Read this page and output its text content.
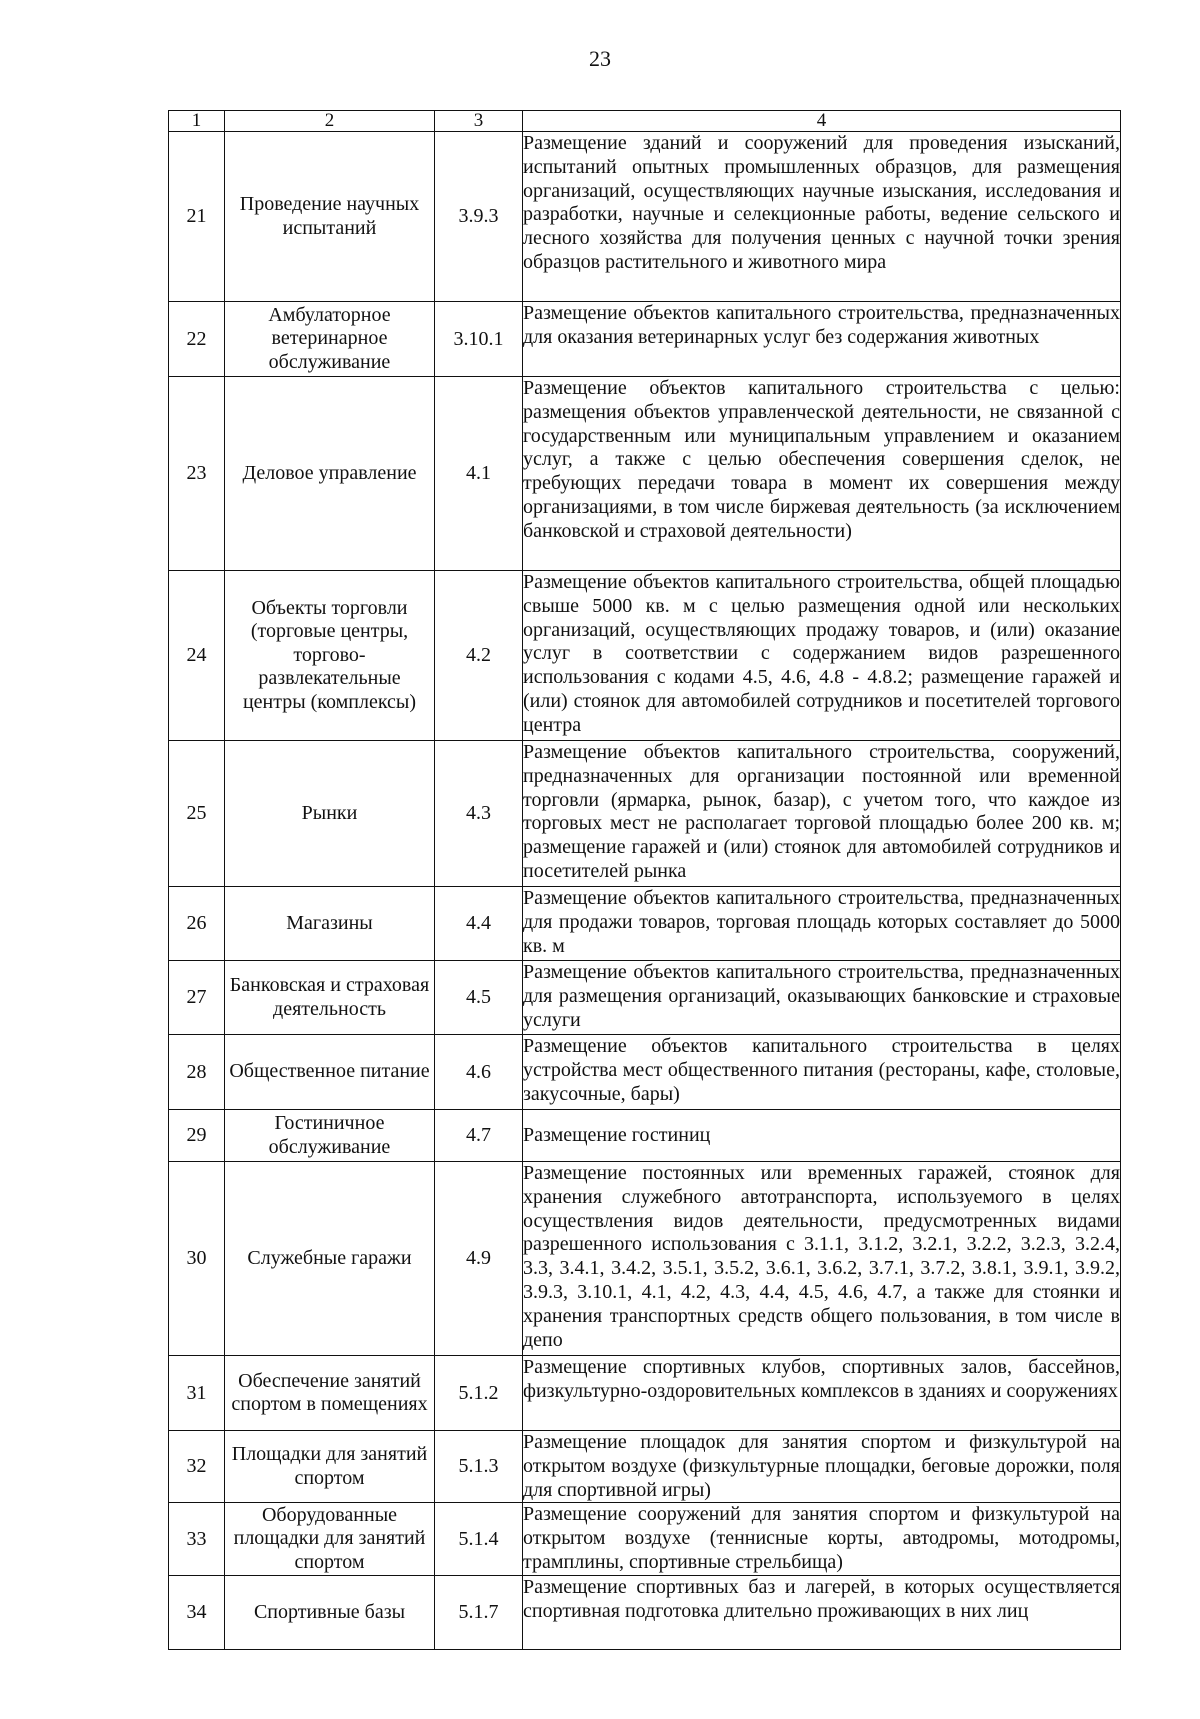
23
1	2	3	4
21	Проведение научных испытаний	3.9.3	Размещение зданий и сооружений для проведения изысканий, испытаний опытных промышленных образцов, для размещения организаций, осуществляющих научные изыскания, исследования и разработки, научные и селекционные работы, ведение сельского и лесного хозяйства для получения ценных с научной точки зрения образцов растительного и животного мира
22	Амбулаторное ветеринарное обслуживание	3.10.1	Размещение объектов капитального строительства, предназначенных для оказания ветеринарных услуг без содержания животных
23	Деловое управление	4.1	Размещение объектов капитального строительства с целью: размещения объектов управленческой деятельности, не связанной с государственным или муниципальным управлением и оказанием услуг, а также с целью обеспечения совершения сделок, не требующих передачи товара в момент их совершения между организациями, в том числе биржевая деятельность (за исключением банковской и страховой деятельности)
24	Объекты торговли (торговые центры, торгово-развлекательные центры (комплексы)	4.2	Размещение объектов капитального строительства, общей площадью свыше 5000 кв. м с целью размещения одной или нескольких организаций, осуществляющих продажу товаров, и (или) оказание услуг в соответствии с содержанием видов разрешенного использования с кодами 4.5, 4.6, 4.8 - 4.8.2; размещение гаражей и (или) стоянок для автомобилей сотрудников и посетителей торгового центра
25	Рынки	4.3	Размещение объектов капитального строительства, сооружений, предназначенных для организации постоянной или временной торговли (ярмарка, рынок, базар), с учетом того, что каждое из торговых мест не располагает торговой площадью более 200 кв. м; размещение гаражей и (или) стоянок для автомобилей сотрудников и посетителей рынка
26	Магазины	4.4	Размещение объектов капитального строительства, предназначенных для продажи товаров, торговая площадь которых составляет до 5000 кв. м
27	Банковская и страховая деятельность	4.5	Размещение объектов капитального строительства, предназначенных для размещения организаций, оказывающих банковские и страховые услуги
28	Общественное питание	4.6	Размещение объектов капитального строительства в целях устройства мест общественного питания (рестораны, кафе, столовые, закусочные, бары)
29	Гостиничное обслуживание	4.7	Размещение гостиниц
30	Служебные гаражи	4.9	Размещение постоянных или временных гаражей, стоянок для хранения служебного автотранспорта, используемого в целях осуществления видов деятельности, предусмотренных видами разрешенного использования с 3.1.1, 3.1.2, 3.2.1, 3.2.2, 3.2.3, 3.2.4, 3.3, 3.4.1, 3.4.2, 3.5.1, 3.5.2, 3.6.1, 3.6.2, 3.7.1, 3.7.2, 3.8.1, 3.9.1, 3.9.2, 3.9.3, 3.10.1, 4.1, 4.2, 4.3, 4.4, 4.5, 4.6, 4.7, а также для стоянки и хранения транспортных средств общего пользования, в том числе в депо
31	Обеспечение занятий спортом в помещениях	5.1.2	Размещение спортивных клубов, спортивных залов, бассейнов, физкультурно-оздоровительных комплексов в зданиях и сооружениях
32	Площадки для занятий спортом	5.1.3	Размещение площадок для занятия спортом и физкультурой на открытом воздухе (физкультурные площадки, беговые дорожки, поля для спортивной игры)
33	Оборудованные площадки для занятий спортом	5.1.4	Размещение сооружений для занятия спортом и физкультурой на открытом воздухе (теннисные корты, автодромы, мотодромы, трамплины, спортивные стрельбища)
34	Спортивные базы	5.1.7	Размещение спортивных баз и лагерей, в которых осуществляется спортивная подготовка длительно проживающих в них лиц
